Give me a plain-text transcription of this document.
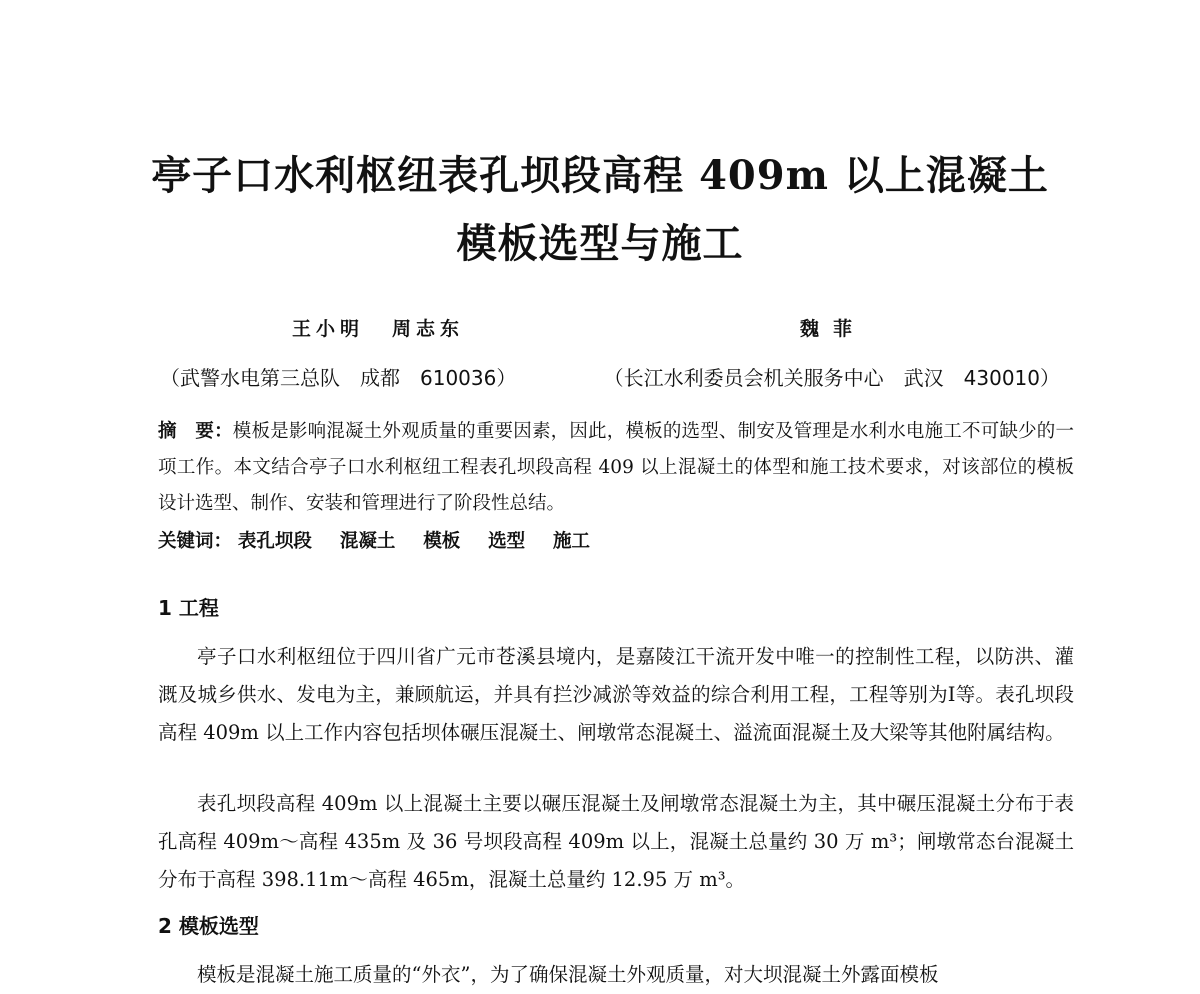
亭子口水利枢纽表孔坝段高程 409m 以上混凝土
模板选型与施工
王小明 周志东	魏菲
（武警水电第三总队　成都　610036）	（长江水利委员会机关服务中心　武汉　430010）

摘　要：模板是影响混凝土外观质量的重要因素，因此，模板的选型、制安及管理是水利水电施工不可缺少的一项工作。本文结合亭子口水利枢纽工程表孔坝段高程 409 以上混凝土的体型和施工技术要求，对该部位的模板设计选型、制作、安装和管理进行了阶段性总结。

关键词： 表孔坝段 混凝土 模板 选型 施工
1 工程

亭子口水利枢纽位于四川省广元市苍溪县境内，是嘉陵江干流开发中唯一的控制性工程，以防洪、灌溉及城乡供水、发电为主，兼顾航运，并具有拦沙减淤等效益的综合利用工程，工程等别为Ⅰ等。表孔坝段高程 409m 以上工作内容包括坝体碾压混凝土、闸墩常态混凝土、溢流面混凝土及大梁等其他附属结构。

表孔坝段高程 409m 以上混凝土主要以碾压混凝土及闸墩常态混凝土为主，其中碾压混凝土分布于表孔高程 409m～高程 435m 及 36 号坝段高程 409m 以上，混凝土总量约 30 万 m³；闸墩常态台混凝土分布于高程 398.11m～高程 465m，混凝土总量约 12.95 万 m³。

2 模板选型

模板是混凝土施工质量的“外衣”，为了确保混凝土外观质量，对大坝混凝土外露面模板
